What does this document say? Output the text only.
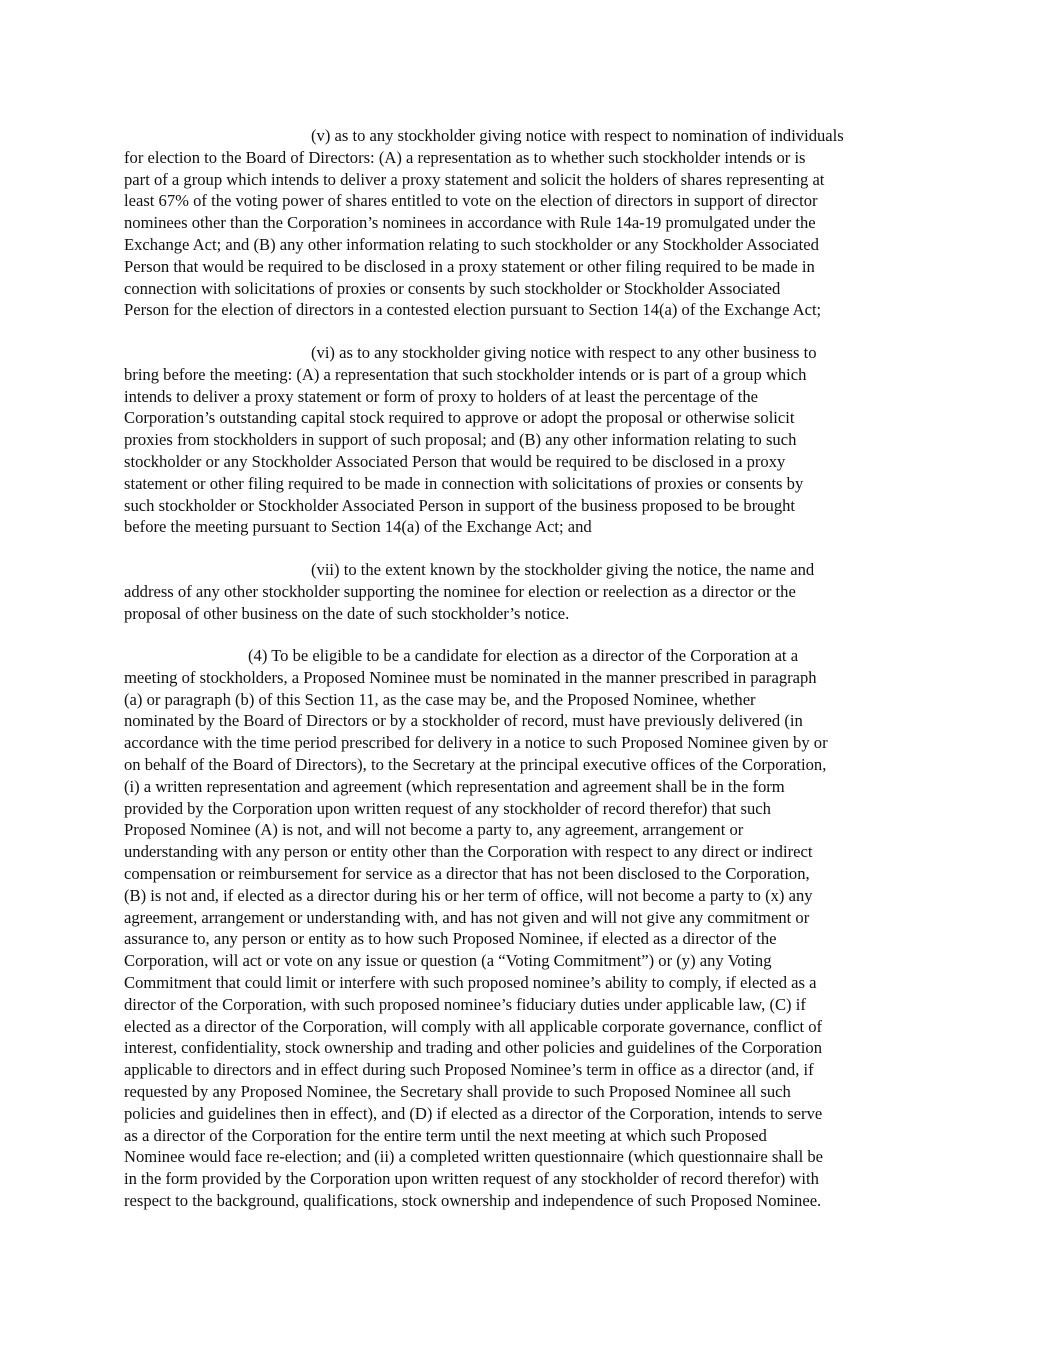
(v) as to any stockholder giving notice with respect to nomination of individuals
for election to the Board of Directors: (A) a representation as to whether such stockholder intends or is
part of a group which intends to deliver a proxy statement and solicit the holders of shares representing at
least 67% of the voting power of shares entitled to vote on the election of directors in support of director
nominees other than the Corporation’s nominees in accordance with Rule 14a-19 promulgated under the
Exchange Act; and (B) any other information relating to such stockholder or any Stockholder Associated
Person that would be required to be disclosed in a proxy statement or other filing required to be made in
connection with solicitations of proxies or consents by such stockholder or Stockholder Associated
Person for the election of directors in a contested election pursuant to Section 14(a) of the Exchange Act;

(vi) as to any stockholder giving notice with respect to any other business to
bring before the meeting: (A) a representation that such stockholder intends or is part of a group which
intends to deliver a proxy statement or form of proxy to holders of at least the percentage of the
Corporation’s outstanding capital stock required to approve or adopt the proposal or otherwise solicit
proxies from stockholders in support of such proposal; and (B) any other information relating to such
stockholder or any Stockholder Associated Person that would be required to be disclosed in a proxy
statement or other filing required to be made in connection with solicitations of proxies or consents by
such stockholder or Stockholder Associated Person in support of the business proposed to be brought
before the meeting pursuant to Section 14(a) of the Exchange Act; and

(vii) to the extent known by the stockholder giving the notice, the name and
address of any other stockholder supporting the nominee for election or reelection as a director or the
proposal of other business on the date of such stockholder’s notice.

(4) To be eligible to be a candidate for election as a director of the Corporation at a
meeting of stockholders, a Proposed Nominee must be nominated in the manner prescribed in paragraph
(a) or paragraph (b) of this Section 11, as the case may be, and the Proposed Nominee, whether
nominated by the Board of Directors or by a stockholder of record, must have previously delivered (in
accordance with the time period prescribed for delivery in a notice to such Proposed Nominee given by or
on behalf of the Board of Directors), to the Secretary at the principal executive offices of the Corporation,
(i) a written representation and agreement (which representation and agreement shall be in the form
provided by the Corporation upon written request of any stockholder of record therefor) that such
Proposed Nominee (A) is not, and will not become a party to, any agreement, arrangement or
understanding with any person or entity other than the Corporation with respect to any direct or indirect
compensation or reimbursement for service as a director that has not been disclosed to the Corporation,
(B) is not and, if elected as a director during his or her term of office, will not become a party to (x) any
agreement, arrangement or understanding with, and has not given and will not give any commitment or
assurance to, any person or entity as to how such Proposed Nominee, if elected as a director of the
Corporation, will act or vote on any issue or question (a “Voting Commitment”) or (y) any Voting
Commitment that could limit or interfere with such proposed nominee’s ability to comply, if elected as a
director of the Corporation, with such proposed nominee’s fiduciary duties under applicable law, (C) if
elected as a director of the Corporation, will comply with all applicable corporate governance, conflict of
interest, confidentiality, stock ownership and trading and other policies and guidelines of the Corporation
applicable to directors and in effect during such Proposed Nominee’s term in office as a director (and, if
requested by any Proposed Nominee, the Secretary shall provide to such Proposed Nominee all such
policies and guidelines then in effect), and (D) if elected as a director of the Corporation, intends to serve
as a director of the Corporation for the entire term until the next meeting at which such Proposed
Nominee would face re-election; and (ii) a completed written questionnaire (which questionnaire shall be
in the form provided by the Corporation upon written request of any stockholder of record therefor) with
respect to the background, qualifications, stock ownership and independence of such Proposed Nominee.
